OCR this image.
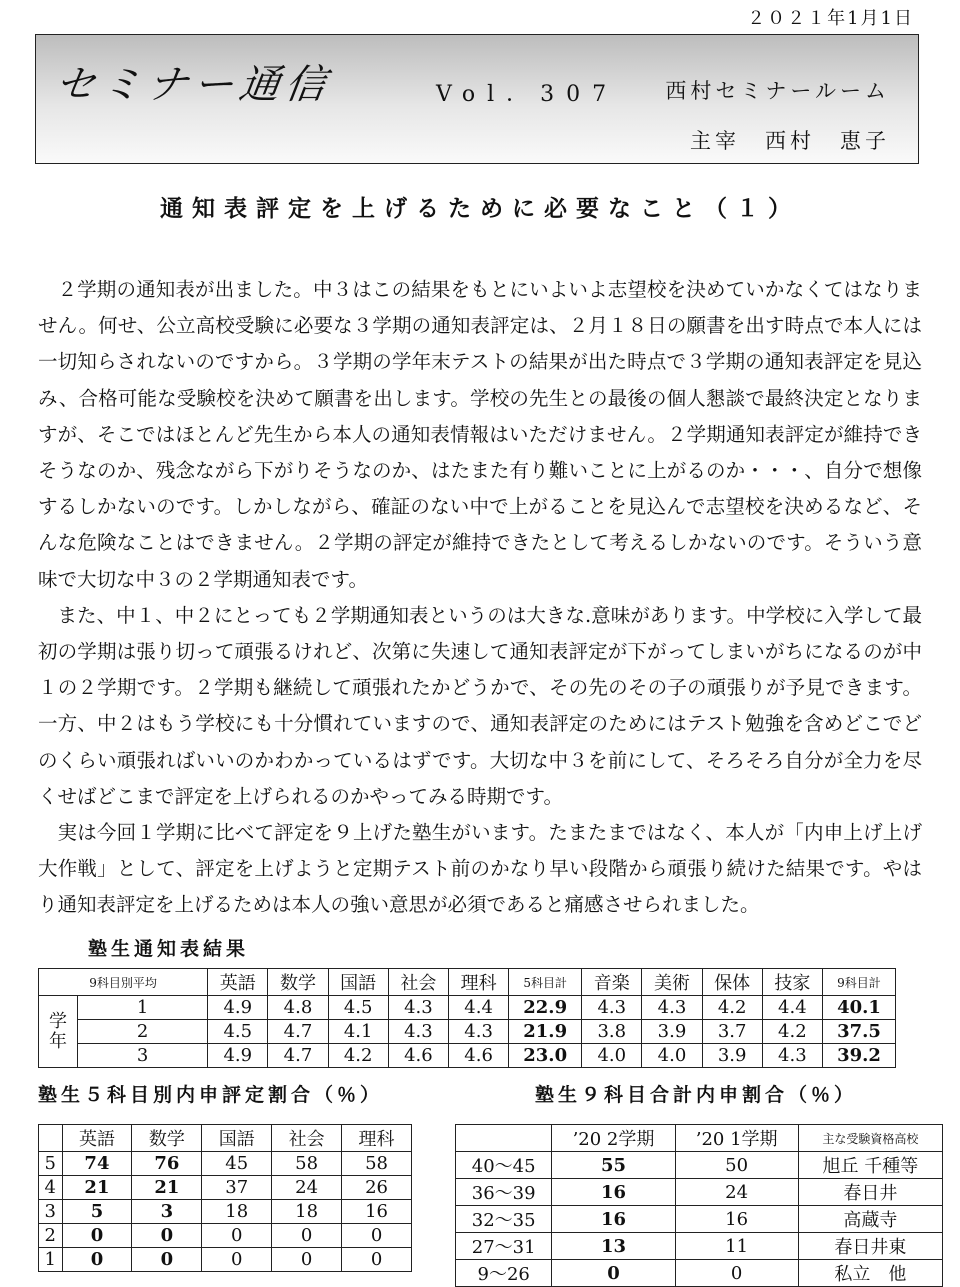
２０２１年1月1日
セミナー通信	Vol．307 西村セミナールーム
主宰　西村　恵子
通知表評定を上げるために必要なこと（１）

２学期の通知表が出ました。中３はこの結果をもとにいよいよ志望校を決めていかなくてはなりません。何せ、公立高校受験に必要な３学期の通知表評定は、２月１８日の願書を出す時点で本人には一切知らされないのですから。３学期の学年末テストの結果が出た時点で３学期の通知表評定を見込み、合格可能な受験校を決めて願書を出します。学校の先生との最後の個人懇談で最終決定となりますが、そこではほとんど先生から本人の通知表情報はいただけません。２学期通知表評定が維持できそうなのか、残念ながら下がりそうなのか、はたまた有り難いことに上がるのか・・・、自分で想像するしかないのです。しかしながら、確証のない中で上がることを見込んで志望校を決めるなど、そんな危険なことはできません。２学期の評定が維持できたとして考えるしかないのです。そういう意味で大切な中３の２学期通知表です。

また、中１、中２にとっても２学期通知表というのは大きな.意味があります。中学校に入学して最初の学期は張り切って頑張るけれど、次第に失速して通知表評定が下がってしまいがちになるのが中１の２学期です。２学期も継続して頑張れたかどうかで、その先のその子の頑張りが予見できます。一方、中２はもう学校にも十分慣れていますので、通知表評定のためにはテスト勉強を含めどこでどのくらい頑張ればいいのかわかっているはずです。大切な中３を前にして、そろそろ自分が全力を尽くせばどこまで評定を上げられるのかやってみる時期です。

実は今回１学期に比べて評定を９上げた塾生がいます。たまたまではなく、本人が「内申上げ上げ大作戦」として、評定を上げようと定期テスト前のかなり早い段階から頑張り続けた結果です。やはり通知表評定を上げるためは本人の強い意思が必須であると痛感させられました。

塾生通知表結果
9科目別平均		英語	数学	国語	社会	理科	5科目計	音楽	美術	保体	技家	9科目計
学
年	1	4.9	4.8	4.5	4.3	4.4	22.9	4.3	4.3	4.2	4.4	40.1
	2	4.5	4.7	4.1	4.3	4.3	21.9	3.8	3.9	3.7	4.2	37.5
	3	4.9	4.7	4.2	4.6	4.6	23.0	4.0	4.0	3.9	4.3	39.2
塾生５科目別内申評定割合（％）
	英語	数学	国語	社会	理科
5	74	76	45	58	58
4	21	21	37	24	26
3	5	3	18	18	16
2	0	0	0	0	0
1	0	0	0	0	0
塾生９科目合計内申割合（％）
	’20 2学期	’20 1学期	主な受験資格高校
40～45	55	50	旭丘 千種等
36～39	16	24	春日井
32～35	16	16	高蔵寺
27～31	13	11	春日井東
9～26	0	0	私立　他
